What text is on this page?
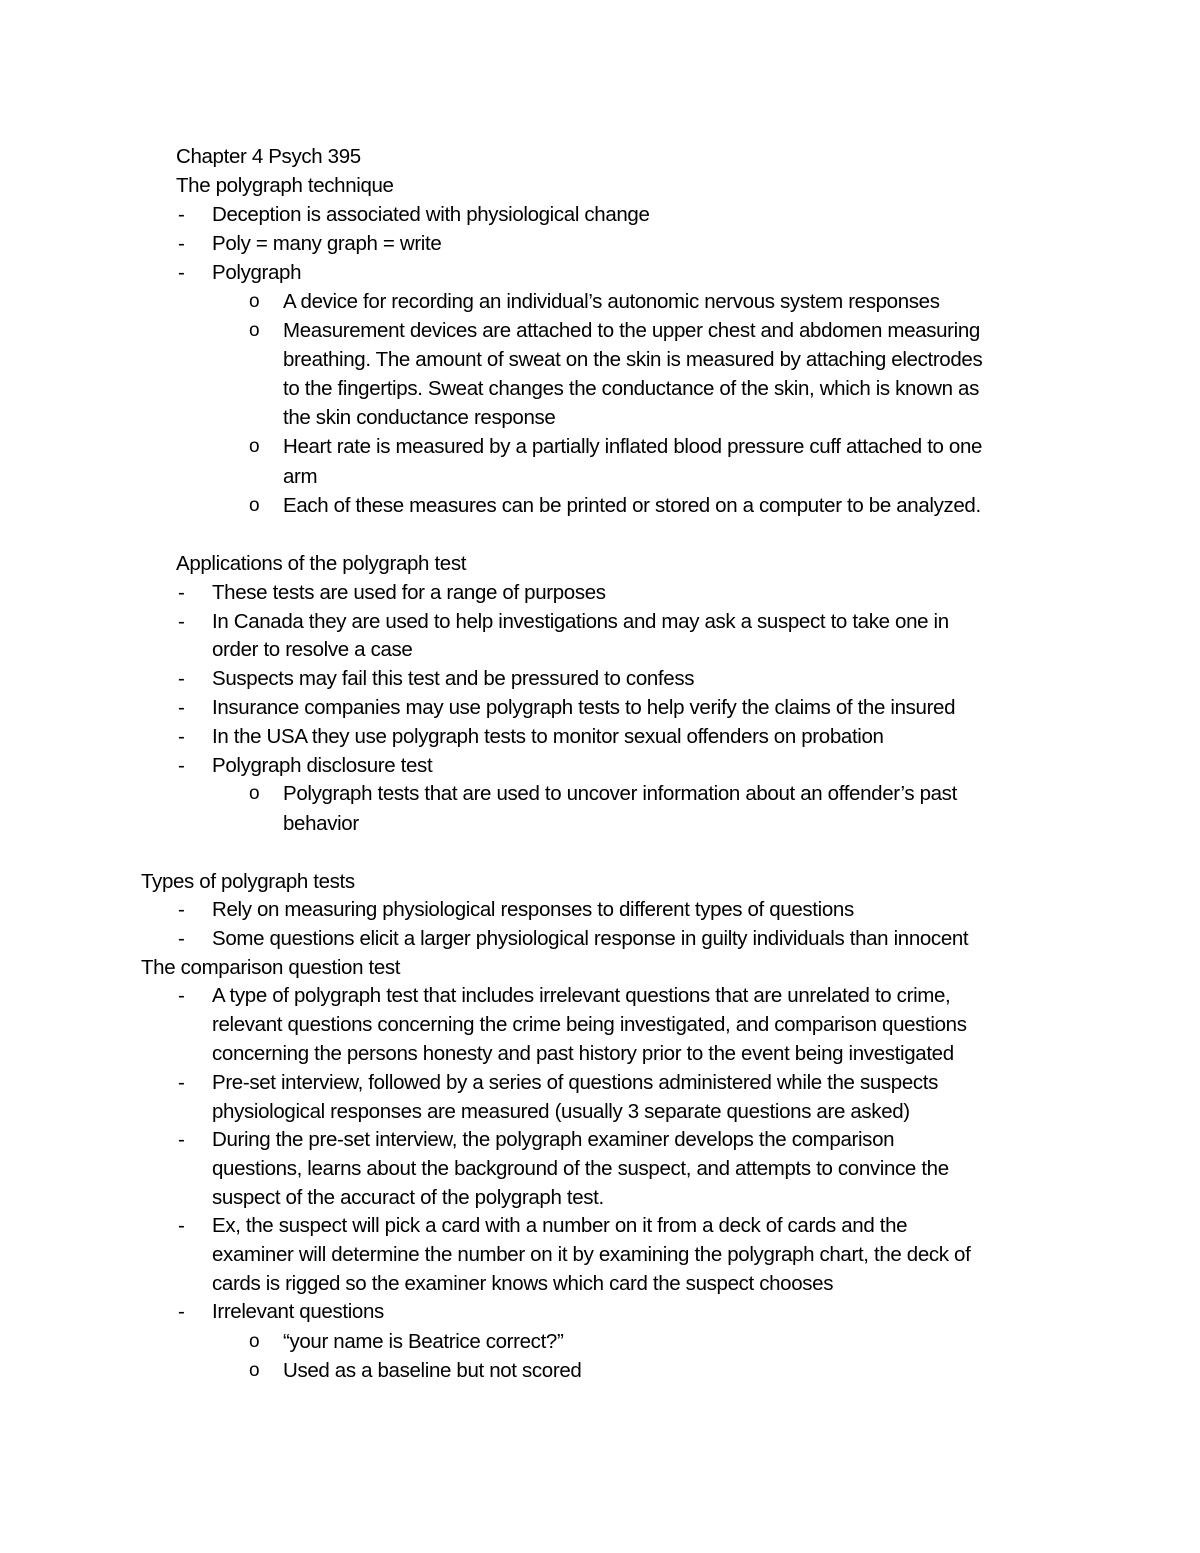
Chapter 4 Psych 395
The polygraph technique
- Deception is associated with physiological change
- Poly = many graph = write
- Polygraph
o A device for recording an individual’s autonomic nervous system responses
o Measurement devices are attached to the upper chest and abdomen measuring
breathing. The amount of sweat on the skin is measured by attaching electrodes
to the fingertips. Sweat changes the conductance of the skin, which is known as
the skin conductance response
o Heart rate is measured by a partially inflated blood pressure cuff attached to one
arm
o Each of these measures can be printed or stored on a computer to be analyzed.
Applications of the polygraph test
- These tests are used for a range of purposes
- In Canada they are used to help investigations and may ask a suspect to take one in
order to resolve a case
- Suspects may fail this test and be pressured to confess
- Insurance companies may use polygraph tests to help verify the claims of the insured
- In the USA they use polygraph tests to monitor sexual offenders on probation
- Polygraph disclosure test
o Polygraph tests that are used to uncover information about an offender’s past
behavior
Types of polygraph tests
- Rely on measuring physiological responses to different types of questions
- Some questions elicit a larger physiological response in guilty individuals than innocent
The comparison question test
- A type of polygraph test that includes irrelevant questions that are unrelated to crime,
relevant questions concerning the crime being investigated, and comparison questions
concerning the persons honesty and past history prior to the event being investigated
- Pre-set interview, followed by a series of questions administered while the suspects
physiological responses are measured (usually 3 separate questions are asked)
- During the pre-set interview, the polygraph examiner develops the comparison
questions, learns about the background of the suspect, and attempts to convince the
suspect of the accuract of the polygraph test.
- Ex, the suspect will pick a card with a number on it from a deck of cards and the
examiner will determine the number on it by examining the polygraph chart, the deck of
cards is rigged so the examiner knows which card the suspect chooses
- Irrelevant questions
o “your name is Beatrice correct?”
o Used as a baseline but not scored
